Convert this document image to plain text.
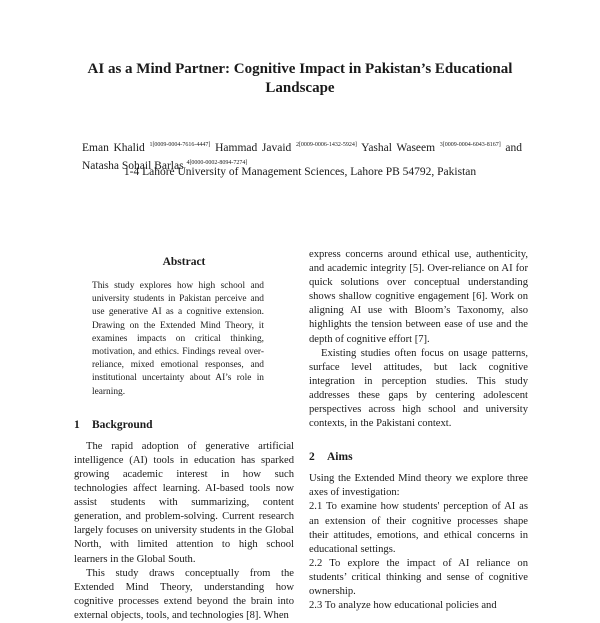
AI as a Mind Partner: Cognitive Impact in Pakistan’s Educational Landscape
Eman Khalid $^{1[0009-0004-7616-4447]}$ Hammad Javaid $^{2[0009-0006-1432-5924]}$ Yashal Waseem $^{3[0009-0004-6043-8167]}$ and Natasha Sohail Barlas $^{4[0000-0002-8094-7274]}$
1-4 Lahore University of Management Sciences, Lahore PB 54792, Pakistan
Abstract

This study explores how high school and university students in Pakistan perceive and use generative AI as a cognitive extension. Drawing on the Extended Mind Theory, it examines impacts on critical thinking, motivation, and ethics. Findings reveal over-reliance, mixed emotional responses, and institutional uncertainty about AI’s role in learning.

1 Background

The rapid adoption of generative artificial intelligence (AI) tools in education has sparked growing academic interest in how such technologies affect learning. AI-based tools now assist students with summarizing, content generation, and problem-solving. Current research largely focuses on university students in the Global North, with limited attention to high school learners in the Global South.

This study draws conceptually from the Extended Mind Theory, understanding how cognitive processes extend beyond the brain into external objects, tools, and technologies [8]. When

express concerns around ethical use, authenticity, and academic integrity [5]. Over-reliance on AI for quick solutions over conceptual understanding shows shallow cognitive engagement [6]. Work on aligning AI use with Bloom’s Taxonomy, also highlights the tension between ease of use and the depth of cognitive effort [7].

Existing studies often focus on usage patterns, surface level attitudes, but lack cognitive integration in perception studies. This study addresses these gaps by centering adolescent perspectives across high school and university contexts, in the Pakistani context.

2 Aims

Using the Extended Mind theory we explore three axes of investigation:

2.1 To examine how students' perception of AI as an extension of their cognitive processes shape their attitudes, emotions, and ethical concerns in educational settings.

2.2 To explore the impact of AI reliance on students’ critical thinking and sense of cognitive ownership.

2.3 To analyze how educational policies and
